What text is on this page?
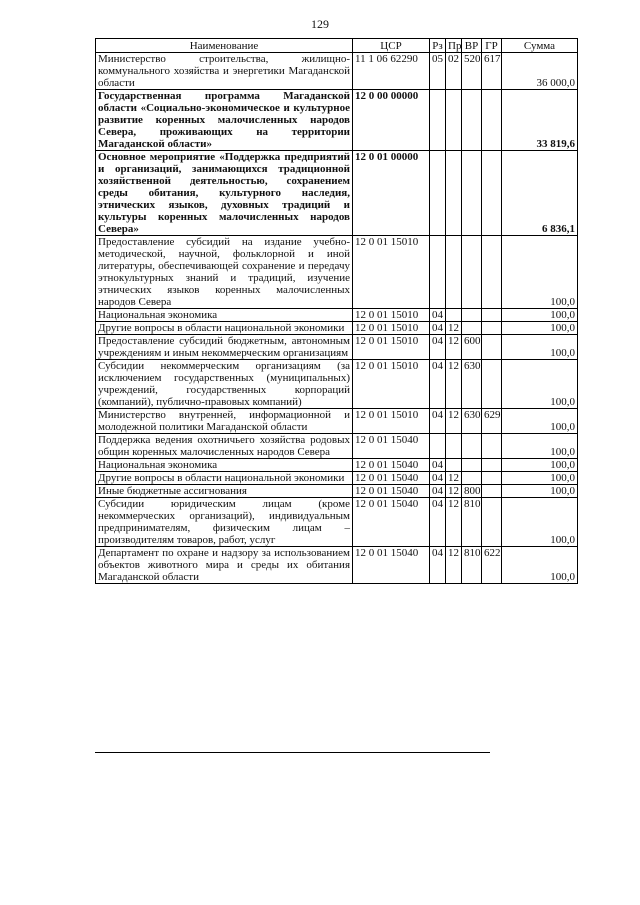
129
Наименование	ЦСР	Рз	Пр	ВР	ГР	Сумма
Министерство строительства, жилищно-коммунального хозяйства и энергетики Магаданской области	11 1 06 62290	05	02	520	617	36 000,0
Государственная программа Магаданской области «Социально-экономическое и культурное развитие коренных малочисленных народов Севера, проживающих на территории Магаданской области»	12 0 00 00000					33 819,6
Основное мероприятие «Поддержка предприятий и организаций, занимающихся традиционной хозяйственной деятельностью, сохранением среды обитания, культурного наследия, этнических языков, духовных традиций и культуры коренных малочисленных народов Севера»	12 0 01 00000					6 836,1
Предоставление субсидий на издание учебно-методической, научной, фольклорной и иной литературы, обеспечивающей сохранение и передачу этнокультурных знаний и традиций, изучение этнических языков коренных малочисленных народов Севера	12 0 01 15010					100,0
Национальная экономика	12 0 01 15010	04				100,0
Другие вопросы в области национальной экономики	12 0 01 15010	04	12			100,0
Предоставление субсидий бюджетным, автономным учреждениям и иным некоммерческим организациям	12 0 01 15010	04	12	600		100,0
Субсидии некоммерческим организациям (за исключением государственных (муниципальных) учреждений, государственных корпораций (компаний), публично-правовых компаний)	12 0 01 15010	04	12	630		100,0
Министерство внутренней, информационной и молодежной политики Магаданской области	12 0 01 15010	04	12	630	629	100,0
Поддержка ведения охотничьего хозяйства родовых общин коренных малочисленных народов Севера	12 0 01 15040					100,0
Национальная экономика	12 0 01 15040	04				100,0
Другие вопросы в области национальной экономики	12 0 01 15040	04	12			100,0
Иные бюджетные ассигнования	12 0 01 15040	04	12	800		100,0
Субсидии юридическим лицам (кроме некоммерческих организаций), индивидуальным предпринимателям, физическим лицам – производителям товаров, работ, услуг	12 0 01 15040	04	12	810		100,0
Департамент по охране и надзору за использованием объектов животного мира и среды их обитания Магаданской области	12 0 01 15040	04	12	810	622	100,0
